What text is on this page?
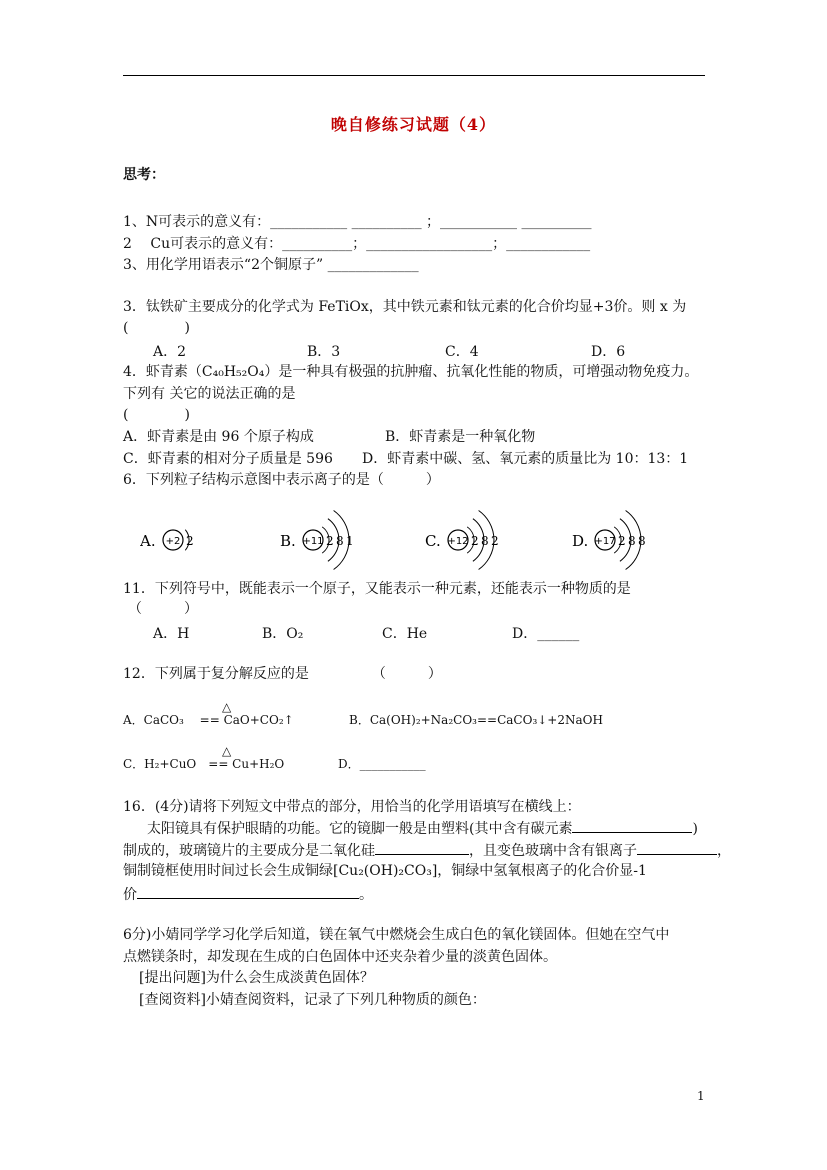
晚自修练习试题（4）
思考：
1、N可表示的意义有：___________ __________ ；___________ __________
2　 Cu可表示的意义有：__________；__________________；____________
3、用化学用语表示“2个铜原子” _____________
3．钛铁矿主要成分的化学式为 FeTiOx，其中铁元素和钛元素的化合价均显+3价。则 x 为
(　　　　)
A．2	B．3	C．4	D．6
4．虾青素（C₄₀H₅₂O₄）是一种具有极强的抗肿瘤、抗氧化性能的物质，可增强动物免疫力。
下列有 关它的说法正确的是
(　　　　)
A．虾青素是由 96 个原子构成	B．虾青素是一种氧化物
C．虾青素的相对分子质量是 596 D．虾青素中碳、氢、氧元素的质量比为 10：13：1
6．下列粒子结构示意图中表示离子的是（　　　）
A. +2 2	B. +11 2 8 1	C. +12 2 8 2	D. +17 2 8 8
11．下列符号中，既能表示一个原子，又能表示一种元素，还能表示一种物质的是
（　　　）
A．H	B．O₂	C．He	D．______
12．下列属于复分解反应的是　　　　　（　　　）
△
A．CaCO₃　 == CaO+CO₂↑	B．Ca(OH)₂+Na₂CO₃==CaCO₃↓+2NaOH
△
C．H₂+CuO　== Cu+H₂O	D．___________
16．(4分)请将下列短文中带点的部分，用恰当的化学用语填写在横线上：
太阳镜具有保护眼睛的功能。它的镜脚一般是由塑料(其中含有碳元素	)
制成的，玻璃镜片的主要成分是二氧化硅	，且变色玻璃中含有银离子	，
铜制镜框使用时间过长会生成铜绿[Cu₂(OH)₂CO₃]，铜绿中氢氧根离子的化合价显-1
价	。
6分)小婧同学学习化学后知道，镁在氧气中燃烧会生成白色的氧化镁固体。但她在空气中
点燃镁条时，却发现在生成的白色固体中还夹杂着少量的淡黄色固体。
[提出问题]为什么会生成淡黄色固体？
[查阅资料]小婧查阅资料，记录了下列几种物质的颜色：
1
